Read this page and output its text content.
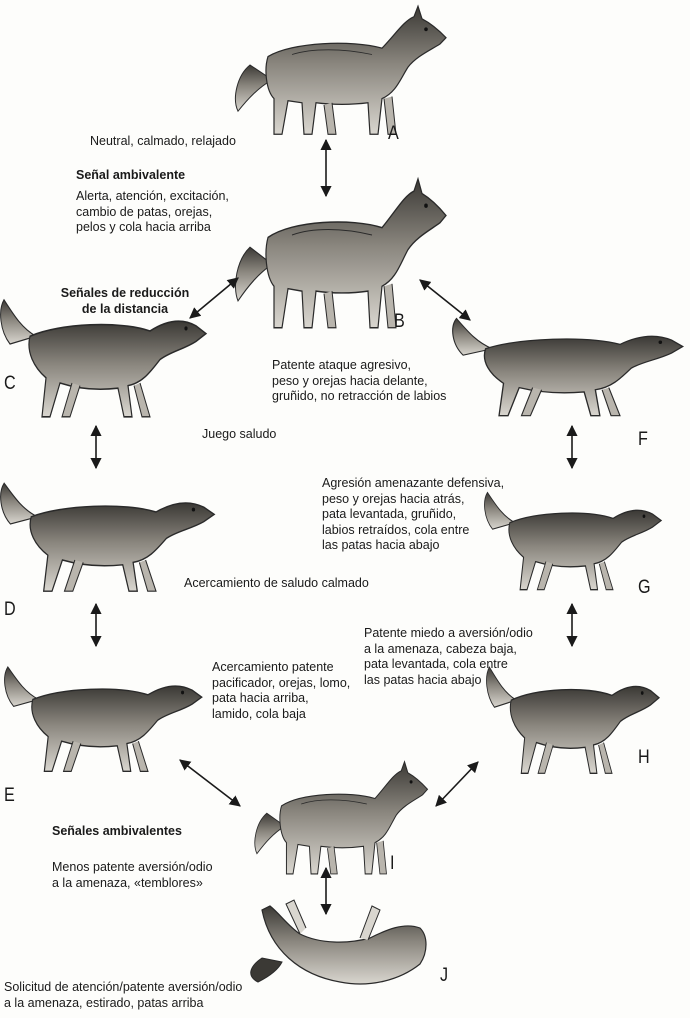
A
B
C
D
E
F
G
H
I
J

Neutral, calmado, relajado

Señal ambivalente

Alerta, atención, excitación,
cambio de patas, orejas,
pelos y cola hacia arriba

Señales de reducción
de la distancia

Patente ataque agresivo,
peso y orejas hacia delante,
gruñido, no retracción de labios

Juego saludo

Agresión amenazante defensiva,
peso y orejas hacia atrás,
pata levantada, gruñido,
labios retraídos, cola entre
las patas hacia abajo

Acercamiento de saludo calmado

Patente miedo a aversión/odio
a la amenaza, cabeza baja,
pata levantada, cola entre
las patas hacia abajo

Acercamiento patente
pacificador, orejas, lomo,
pata hacia arriba,
lamido, cola baja

Señales ambivalentes

Menos patente aversión/odio
a la amenaza, «temblores»

Solicitud de atención/patente aversión/odio
a la amenaza, estirado, patas arriba
